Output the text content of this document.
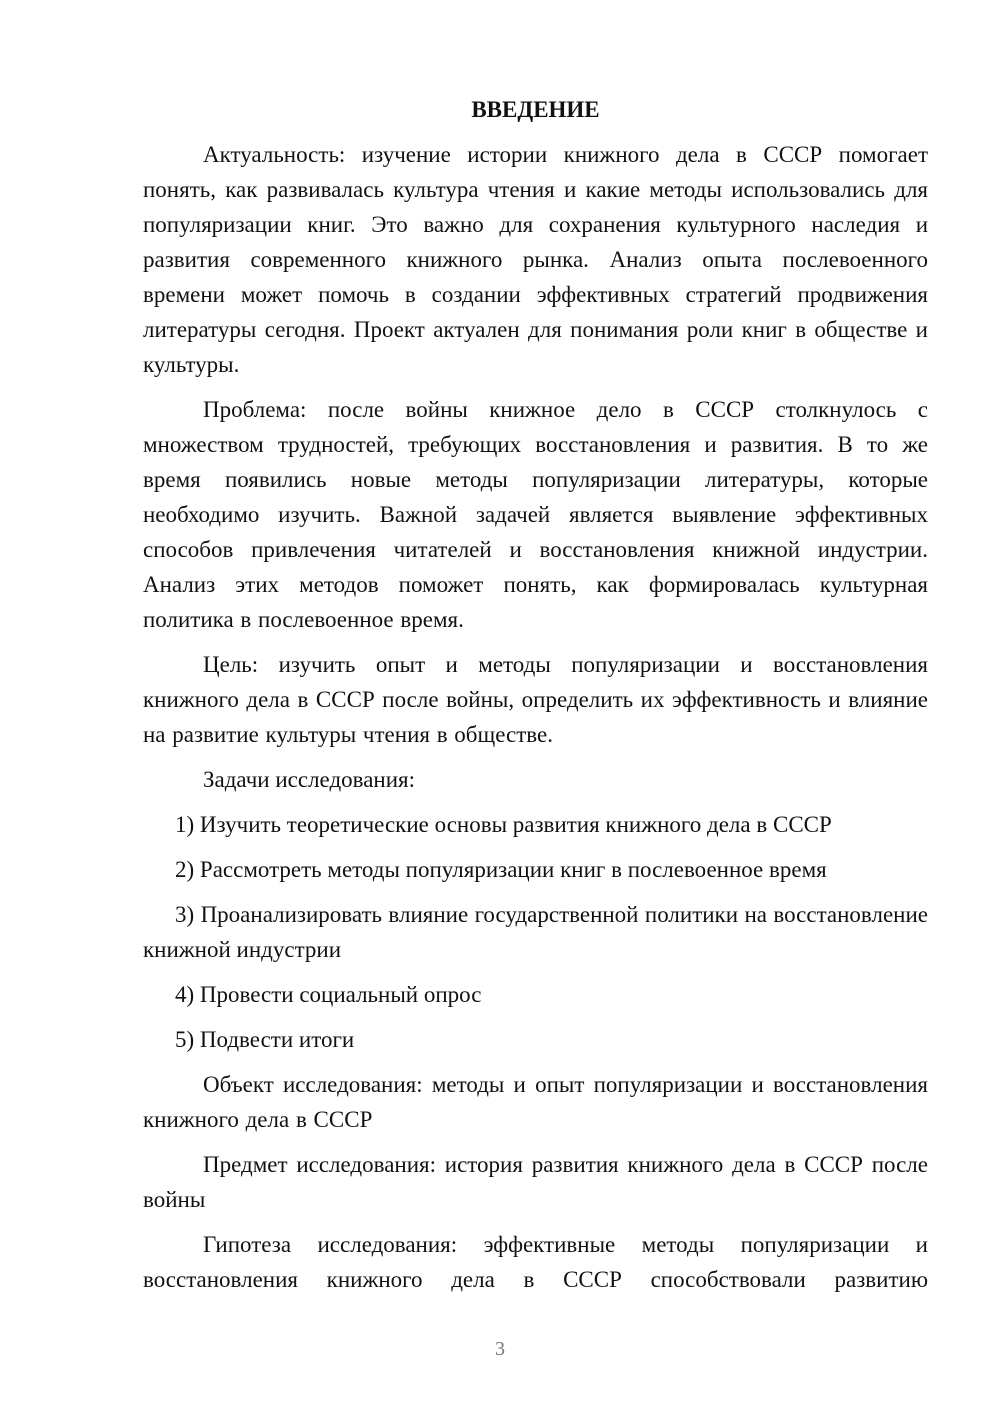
ВВЕДЕНИЕ

Актуальность: изучение истории книжного дела в СССР помогает понять, как развивалась культура чтения и какие методы использовались для популяризации книг. Это важно для сохранения культурного наследия и развития современного книжного рынка. Анализ опыта послевоенного времени может помочь в создании эффективных стратегий продвижения литературы сегодня. Проект актуален для понимания роли книг в обществе и культуры.

Проблема: после войны книжное дело в СССР столкнулось с множеством трудностей, требующих восстановления и развития. В то же время появились новые методы популяризации литературы, которые необходимо изучить. Важной задачей является выявление эффективных способов привлечения читателей и восстановления книжной индустрии. Анализ этих методов поможет понять, как формировалась культурная политика в послевоенное время.

Цель: изучить опыт и методы популяризации и восстановления книжного дела в СССР после войны, определить их эффективность и влияние на развитие культуры чтения в обществе.

Задачи исследования:

1) Изучить теоретические основы развития книжного дела в СССР

2) Рассмотреть методы популяризации книг в послевоенное время

3) Проанализировать влияние государственной политики на восстановление книжной индустрии

4) Провести социальный опрос

5) Подвести итоги

Объект исследования: методы и опыт популяризации и восстановления книжного дела в СССР

Предмет исследования: история развития книжного дела в СССР после войны

Гипотеза исследования: эффективные методы популяризации и восстановления книжного дела в СССР способствовали развитию

3
